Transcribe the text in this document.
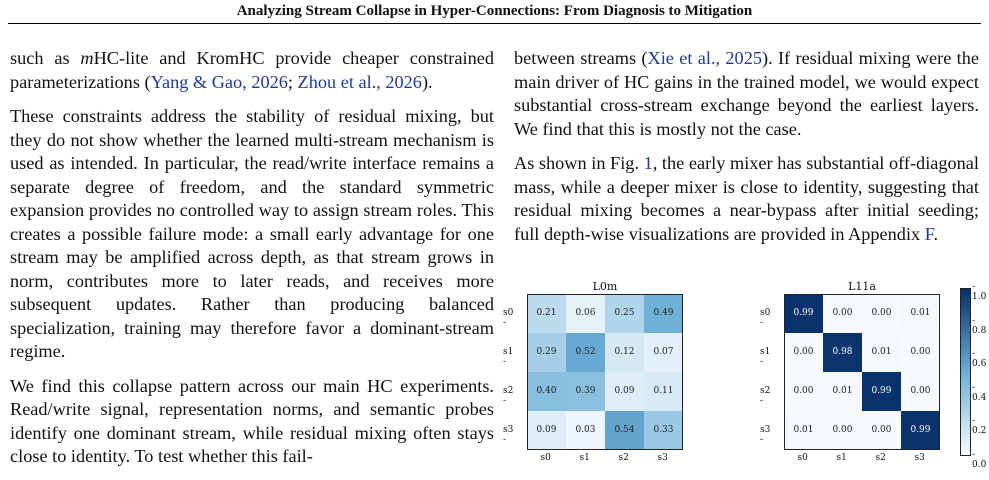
Analyzing Stream Collapse in Hyper-Connections: From Diagnosis to Mitigation

such as mHC-lite and KromHC provide cheaper constrained parameterizations (Yang & Gao, 2026; Zhou et al., 2026).

These constraints address the stability of residual mixing, but they do not show whether the learned multi-stream mechanism is used as intended. In particular, the read/write interface remains a separate degree of freedom, and the standard symmetric expansion provides no controlled way to assign stream roles. This creates a possible failure mode: a small early advantage for one stream may be amplified across depth, as that stream grows in norm, contributes more to later reads, and receives more subsequent updates. Rather than producing balanced specialization, training may therefore favor a dominant-stream regime.

We find this collapse pattern across our main HC experiments. Read/write signal, representation norms, and semantic probes identify one dominant stream, while residual mixing often stays close to identity. To test whether this fail-

between streams (Xie et al., 2025). If residual mixing were the main driver of HC gains in the trained model, we would expect substantial cross-stream exchange beyond the earliest layers. We find that this is mostly not the case.

As shown in Fig. 1, the early mixer has substantial off-diagonal mass, while a deeper mixer is close to identity, suggesting that residual mixing becomes a near-bypass after initial seeding; full depth-wise visualizations are provided in Appendix F.

L0m
0.21	0.06	0.25	0.49
s0 -
0.29	0.52	0.12	0.07
s1 -
0.40	0.39	0.09	0.11
s2 -
0.09	0.03	0.54	0.33
s3 -
s0	s1	s2	s3
L11a
0.99	0.00	0.00	0.01
s0 -
0.00	0.98	0.01	0.00
s1 -
0.00	0.01	0.99	0.00
s2 -
0.01	0.00	0.00	0.99
s3 -
s0	s1	s2	s3	- 0.0
- 0.2
- 0.4
- 0.6
- 0.8
- 1.0
